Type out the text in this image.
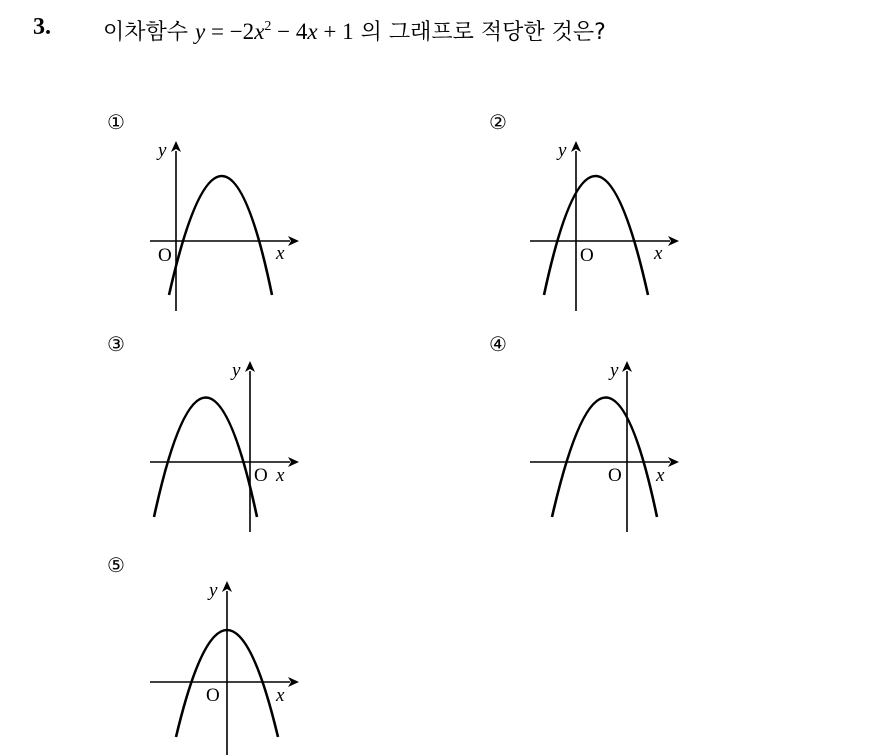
3. 이차함수 $y = -2x^2 - 4x + 1$ 의 그래프로 적당한 것은?
①
O	x
y
②
O	x
y
③
O x
y
④
O x
y
⑤
O	x
y
